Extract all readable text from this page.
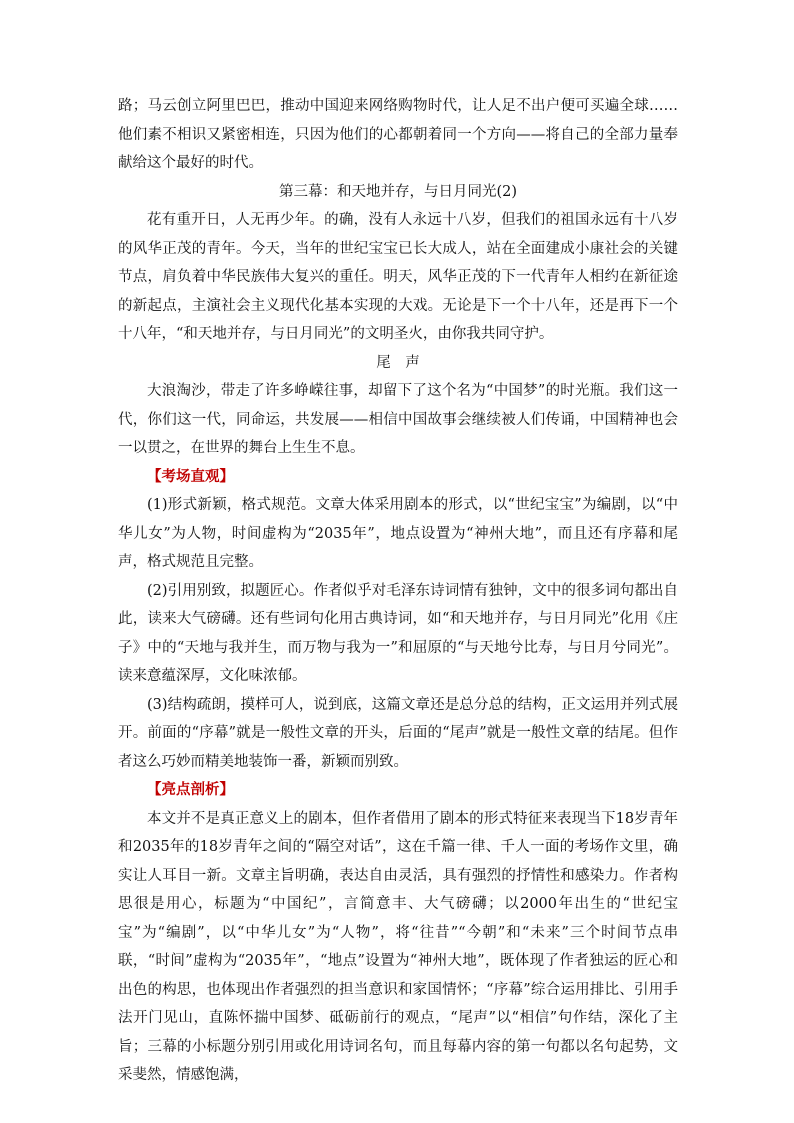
路；马云创立阿里巴巴，推动中国迎来网络购物时代，让人足不出户便可买遍全球……他们素不相识又紧密相连，只因为他们的心都朝着同一个方向——将自己的全部力量奉献给这个最好的时代。

第三幕：和天地并存，与日月同光(2)

花有重开日，人无再少年。的确，没有人永远十八岁，但我们的祖国永远有十八岁的风华正茂的青年。今天，当年的世纪宝宝已长大成人，站在全面建成小康社会的关键节点，肩负着中华民族伟大复兴的重任。明天，风华正茂的下一代青年人相约在新征途的新起点，主演社会主义现代化基本实现的大戏。无论是下一个十八年，还是再下一个十八年，“和天地并存，与日月同光”的文明圣火，由你我共同守护。

尾　声

大浪淘沙，带走了许多峥嵘往事，却留下了这个名为“中国梦”的时光瓶。我们这一代，你们这一代，同命运，共发展——相信中国故事会继续被人们传诵，中国精神也会一以贯之，在世界的舞台上生生不息。

【考场直观】

(1)形式新颖，格式规范。文章大体采用剧本的形式，以“世纪宝宝”为编剧，以“中华儿女”为人物，时间虚构为“2035年”，地点设置为“神州大地”，而且还有序幕和尾声，格式规范且完整。

(2)引用别致，拟题匠心。作者似乎对毛泽东诗词情有独钟，文中的很多词句都出自此，读来大气磅礴。还有些词句化用古典诗词，如“和天地并存，与日月同光”化用《庄子》中的“天地与我并生，而万物与我为一”和屈原的“与天地兮比寿，与日月兮同光”。读来意蕴深厚，文化味浓郁。

(3)结构疏朗，摸样可人，说到底，这篇文章还是总分总的结构，正文运用并列式展开。前面的“序幕”就是一般性文章的开头，后面的“尾声”就是一般性文章的结尾。但作者这么巧妙而精美地装饰一番，新颖而别致。

【亮点剖析】

本文并不是真正意义上的剧本，但作者借用了剧本的形式特征来表现当下18岁青年和2035年的18岁青年之间的“隔空对话”，这在千篇一律、千人一面的考场作文里，确实让人耳目一新。文章主旨明确，表达自由灵活，具有强烈的抒情性和感染力。作者构思很是用心，标题为“中国纪”，言简意丰、大气磅礴；以2000年出生的“世纪宝宝”为“编剧”，以“中华儿女”为“人物”，将“往昔”“今朝”和“未来”三个时间节点串联，“时间”虚构为“2035年”，“地点”设置为“神州大地”，既体现了作者独运的匠心和出色的构思，也体现出作者强烈的担当意识和家国情怀；“序幕”综合运用排比、引用手法开门见山，直陈怀揣中国梦、砥砺前行的观点，“尾声”以“相信”句作结，深化了主旨；三幕的小标题分别引用或化用诗词名句，而且每幕内容的第一句都以名句起势，文采斐然，情感饱满，
